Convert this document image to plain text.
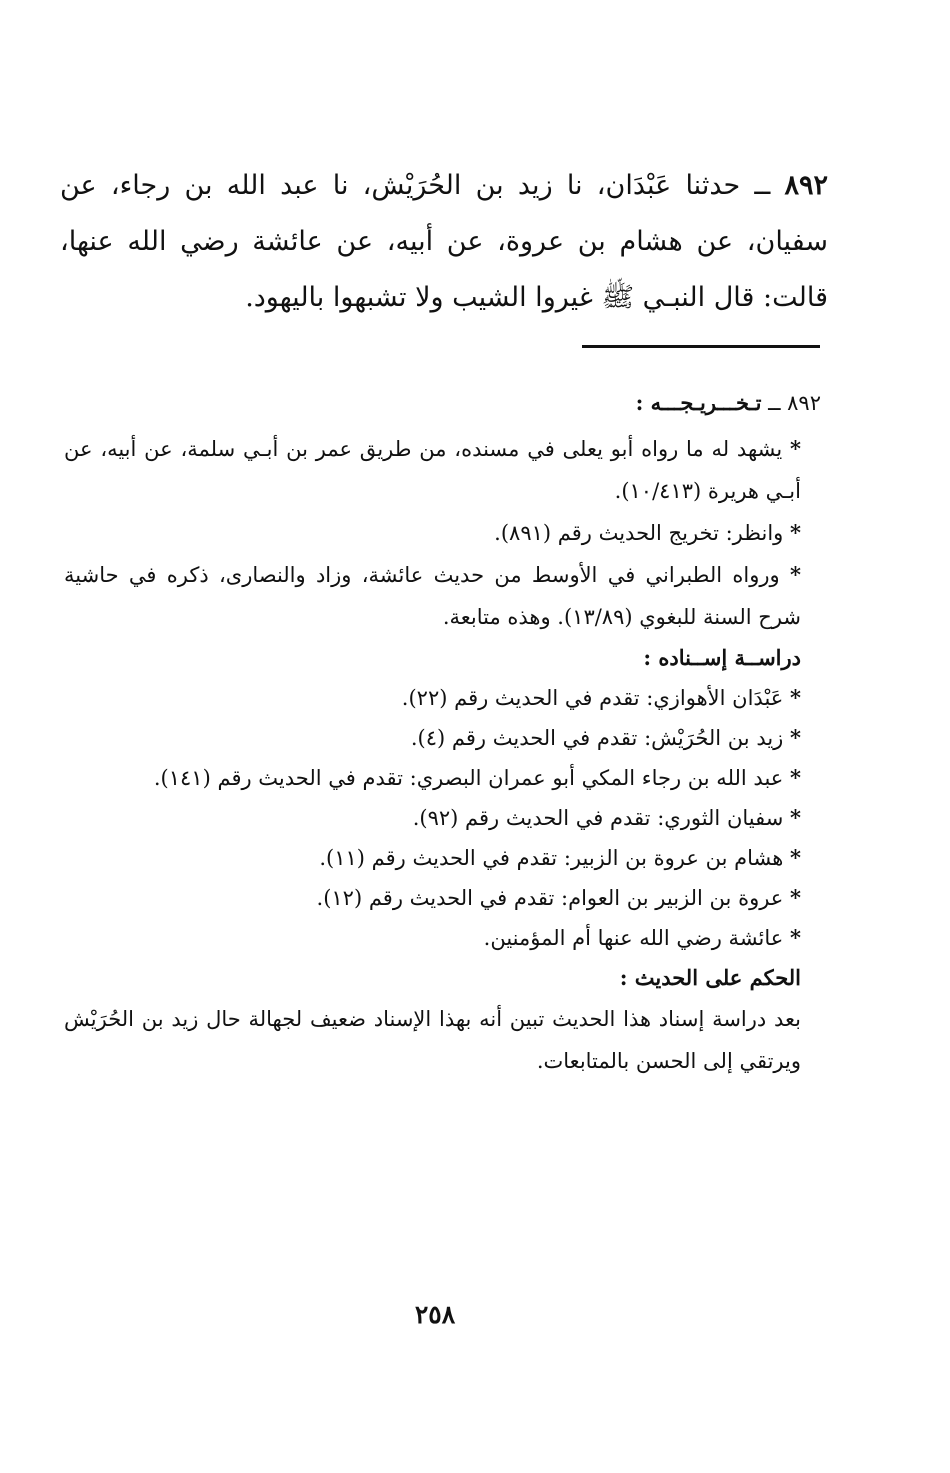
٨٩٢ ــ حدثنا عَبْدَان، نا زيد بن الحُرَيْش، نا عبد الله بن رجاء، عن سفيان، عن هشام بن عروة، عن أبيه، عن عائشة رضي الله عنها، قالت: قال النبـي ﷺ غيروا الشيب ولا تشبهوا باليهود.

٨٩٢ ــ تـخـــريـجـــه :

* يشهد له ما رواه أبو يعلى في مسنده، من طريق عمر بن أبـي سلمة، عن أبيه، عن أبـي هريرة (١٠/٤١٣).

* وانظر: تخريج الحديث رقم (٨٩١).

* ورواه الطبراني في الأوسط من حديث عائشة، وزاد والنصارى، ذكره في حاشية شرح السنة للبغوي (١٣/٨٩). وهذه متابعة.

دراســة إســناده :

* عَبْدَان الأهوازي: تقدم في الحديث رقم (٢٢).

* زيد بن الحُرَيْش: تقدم في الحديث رقم (٤).

* عبد الله بن رجاء المكي أبو عمران البصري: تقدم في الحديث رقم (١٤١).

* سفيان الثوري: تقدم في الحديث رقم (٩٢).

* هشام بن عروة بن الزبير: تقدم في الحديث رقم (١١).

* عروة بن الزبير بن العوام: تقدم في الحديث رقم (١٢).

* عائشة رضي الله عنها أم المؤمنين.

الحكم على الحديث :

بعد دراسة إسناد هذا الحديث تبين أنه بهذا الإسناد ضعيف لجهالة حال زيد بن الحُرَيْش ويرتقي إلى الحسن بالمتابعات.

٢٥٨
